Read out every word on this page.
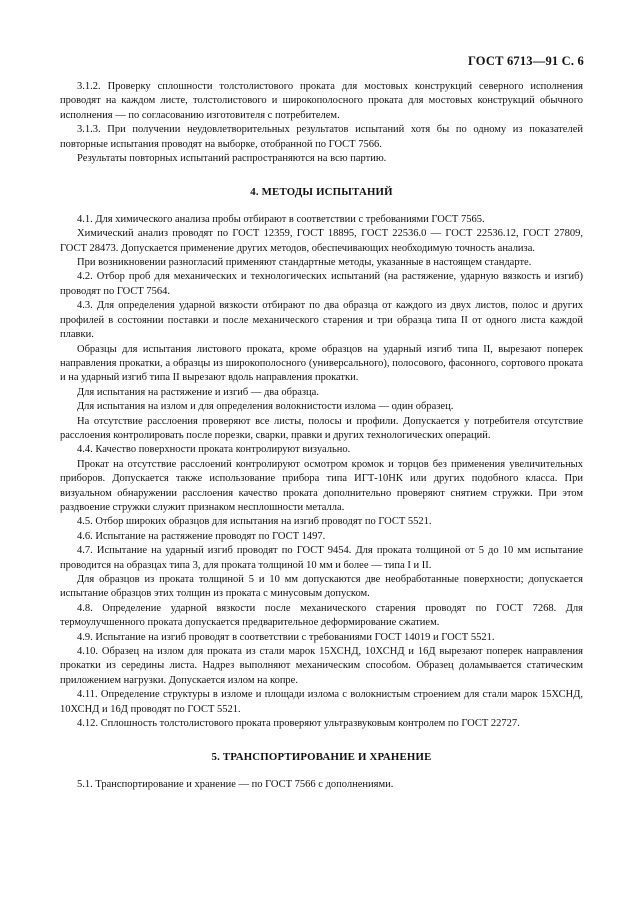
ГОСТ 6713—91 С. 6

3.1.2. Проверку сплошности толстолистового проката для мостовых конструкций северного исполнения проводят на каждом листе, толстолистового и широкополосного проката для мостовых конструкций обычного исполнения — по согласованию изготовителя с потребителем.

3.1.3. При получении неудовлетворительных результатов испытаний хотя бы по одному из показателей повторные испытания проводят на выборке, отобранной по ГОСТ 7566.

Результаты повторных испытаний распространяются на всю партию.

4. МЕТОДЫ ИСПЫТАНИЙ

4.1. Для химического анализа пробы отбирают в соответствии с требованиями ГОСТ 7565.

Химический анализ проводят по ГОСТ 12359, ГОСТ 18895, ГОСТ 22536.0 — ГОСТ 22536.12, ГОСТ 27809, ГОСТ 28473. Допускается применение других методов, обеспечивающих необходимую точность анализа.

При возникновении разногласий применяют стандартные методы, указанные в настоящем стандарте.

4.2. Отбор проб для механических и технологических испытаний (на растяжение, ударную вязкость и изгиб) проводят по ГОСТ 7564.

4.3. Для определения ударной вязкости отбирают по два образца от каждого из двух листов, полос и других профилей в состоянии поставки и после механического старения и три образца типа II от одного листа каждой плавки.

Образцы для испытания листового проката, кроме образцов на ударный изгиб типа II, вырезают поперек направления прокатки, а образцы из широкополосного (универсального), полосового, фасонного, сортового проката и на ударный изгиб типа II вырезают вдоль направления прокатки.

Для испытания на растяжение и изгиб — два образца.

Для испытания на излом и для определения волокнистости излома — один образец.

На отсутствие расслоения проверяют все листы, полосы и профили. Допускается у потребителя отсутствие расслоения контролировать после порезки, сварки, правки и других технологических операций.

4.4. Качество поверхности проката контролируют визуально.

Прокат на отсутствие расслоений контролируют осмотром кромок и торцов без применения увеличительных приборов. Допускается также использование прибора типа ИГТ-10НК или других подобного класса. При визуальном обнаружении расслоения качество проката дополнительно проверяют снятием стружки. При этом раздвоение стружки служит признаком несплошности металла.

4.5. Отбор широких образцов для испытания на изгиб проводят по ГОСТ 5521.

4.6. Испытание на растяжение проводят по ГОСТ 1497.

4.7. Испытание на ударный изгиб проводят по ГОСТ 9454. Для проката толщиной от 5 до 10 мм испытание проводится на образцах типа 3, для проката толщиной 10 мм и более — типа I и II.

Для образцов из проката толщиной 5 и 10 мм допускаются две необработанные поверхности; допускается испытание образцов этих толщин из проката с минусовым допуском.

4.8. Определение ударной вязкости после механического старения проводят по ГОСТ 7268. Для термоулучшенного проката допускается предварительное деформирование сжатием.

4.9. Испытание на изгиб проводят в соответствии с требованиями ГОСТ 14019 и ГОСТ 5521.

4.10. Образец на излом для проката из стали марок 15ХСНД, 10ХСНД и 16Д вырезают поперек направления прокатки из середины листа. Надрез выполняют механическим способом. Образец доламывается статическим приложением нагрузки. Допускается излом на копре.

4.11. Определение структуры в изломе и площади излома с волокнистым строением для стали марок 15ХСНД, 10ХСНД и 16Д проводят по ГОСТ 5521.

4.12. Сплошность толстолистового проката проверяют ультразвуковым контролем по ГОСТ 22727.

5. ТРАНСПОРТИРОВАНИЕ И ХРАНЕНИЕ

5.1. Транспортирование и хранение — по ГОСТ 7566 с дополнениями.
